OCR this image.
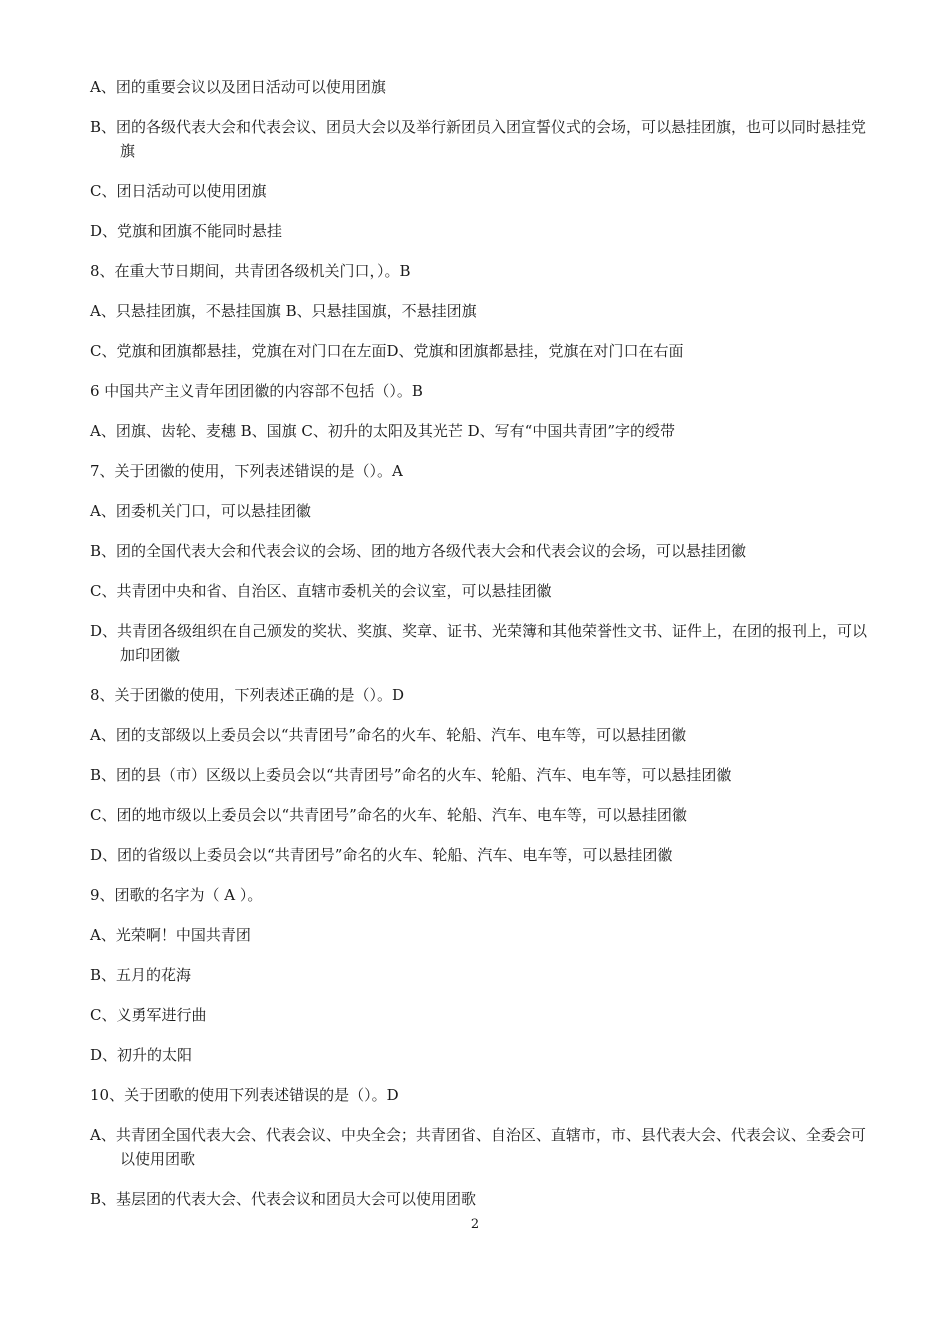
A、团的重要会议以及团日活动可以使用团旗

B、团的各级代表大会和代表会议、团员大会以及举行新团员入团宣誓仪式的会场，可以悬挂团旗，也可以同时悬挂党

旗

C、团日活动可以使用团旗

D、党旗和团旗不能同时悬挂

8、在重大节日期间，共青团各级机关门口，）。B

A、只悬挂团旗，不悬挂国旗 B、只悬挂国旗，不悬挂团旗

C、党旗和团旗都悬挂，党旗在对门口在左面D、党旗和团旗都悬挂，党旗在对门口在右面

6 中国共产主义青年团团徽的内容部不包括（）。B

A、团旗、齿轮、麦穗 B、国旗 C、初升的太阳及其光芒 D、写有“中国共青团”字的绶带

7、关于团徽的使用，下列表述错误的是（）。A

A、团委机关门口，可以悬挂团徽

B、团的全国代表大会和代表会议的会场、团的地方各级代表大会和代表会议的会场，可以悬挂团徽

C、共青团中央和省、自治区、直辖市委机关的会议室，可以悬挂团徽

D、共青团各级组织在自己颁发的奖状、奖旗、奖章、证书、光荣簿和其他荣誉性文书、证件上，在团的报刊上，可以

加印团徽

8、关于团徽的使用，下列表述正确的是（）。D

A、团的支部级以上委员会以“共青团号”命名的火车、轮船、汽车、电车等，可以悬挂团徽

B、团的县（市）区级以上委员会以“共青团号”命名的火车、轮船、汽车、电车等，可以悬挂团徽

C、团的地市级以上委员会以“共青团号”命名的火车、轮船、汽车、电车等，可以悬挂团徽

D、团的省级以上委员会以“共青团号”命名的火车、轮船、汽车、电车等，可以悬挂团徽

9、团歌的名字为（ A ）。

A、光荣啊！中国共青团

B、五月的花海

C、义勇军进行曲

D、初升的太阳

10、关于团歌的使用下列表述错误的是（）。D

A、共青团全国代表大会、代表会议、中央全会；共青团省、自治区、直辖市，市、县代表大会、代表会议、全委会可

以使用团歌

B、基层团的代表大会、代表会议和团员大会可以使用团歌

2
